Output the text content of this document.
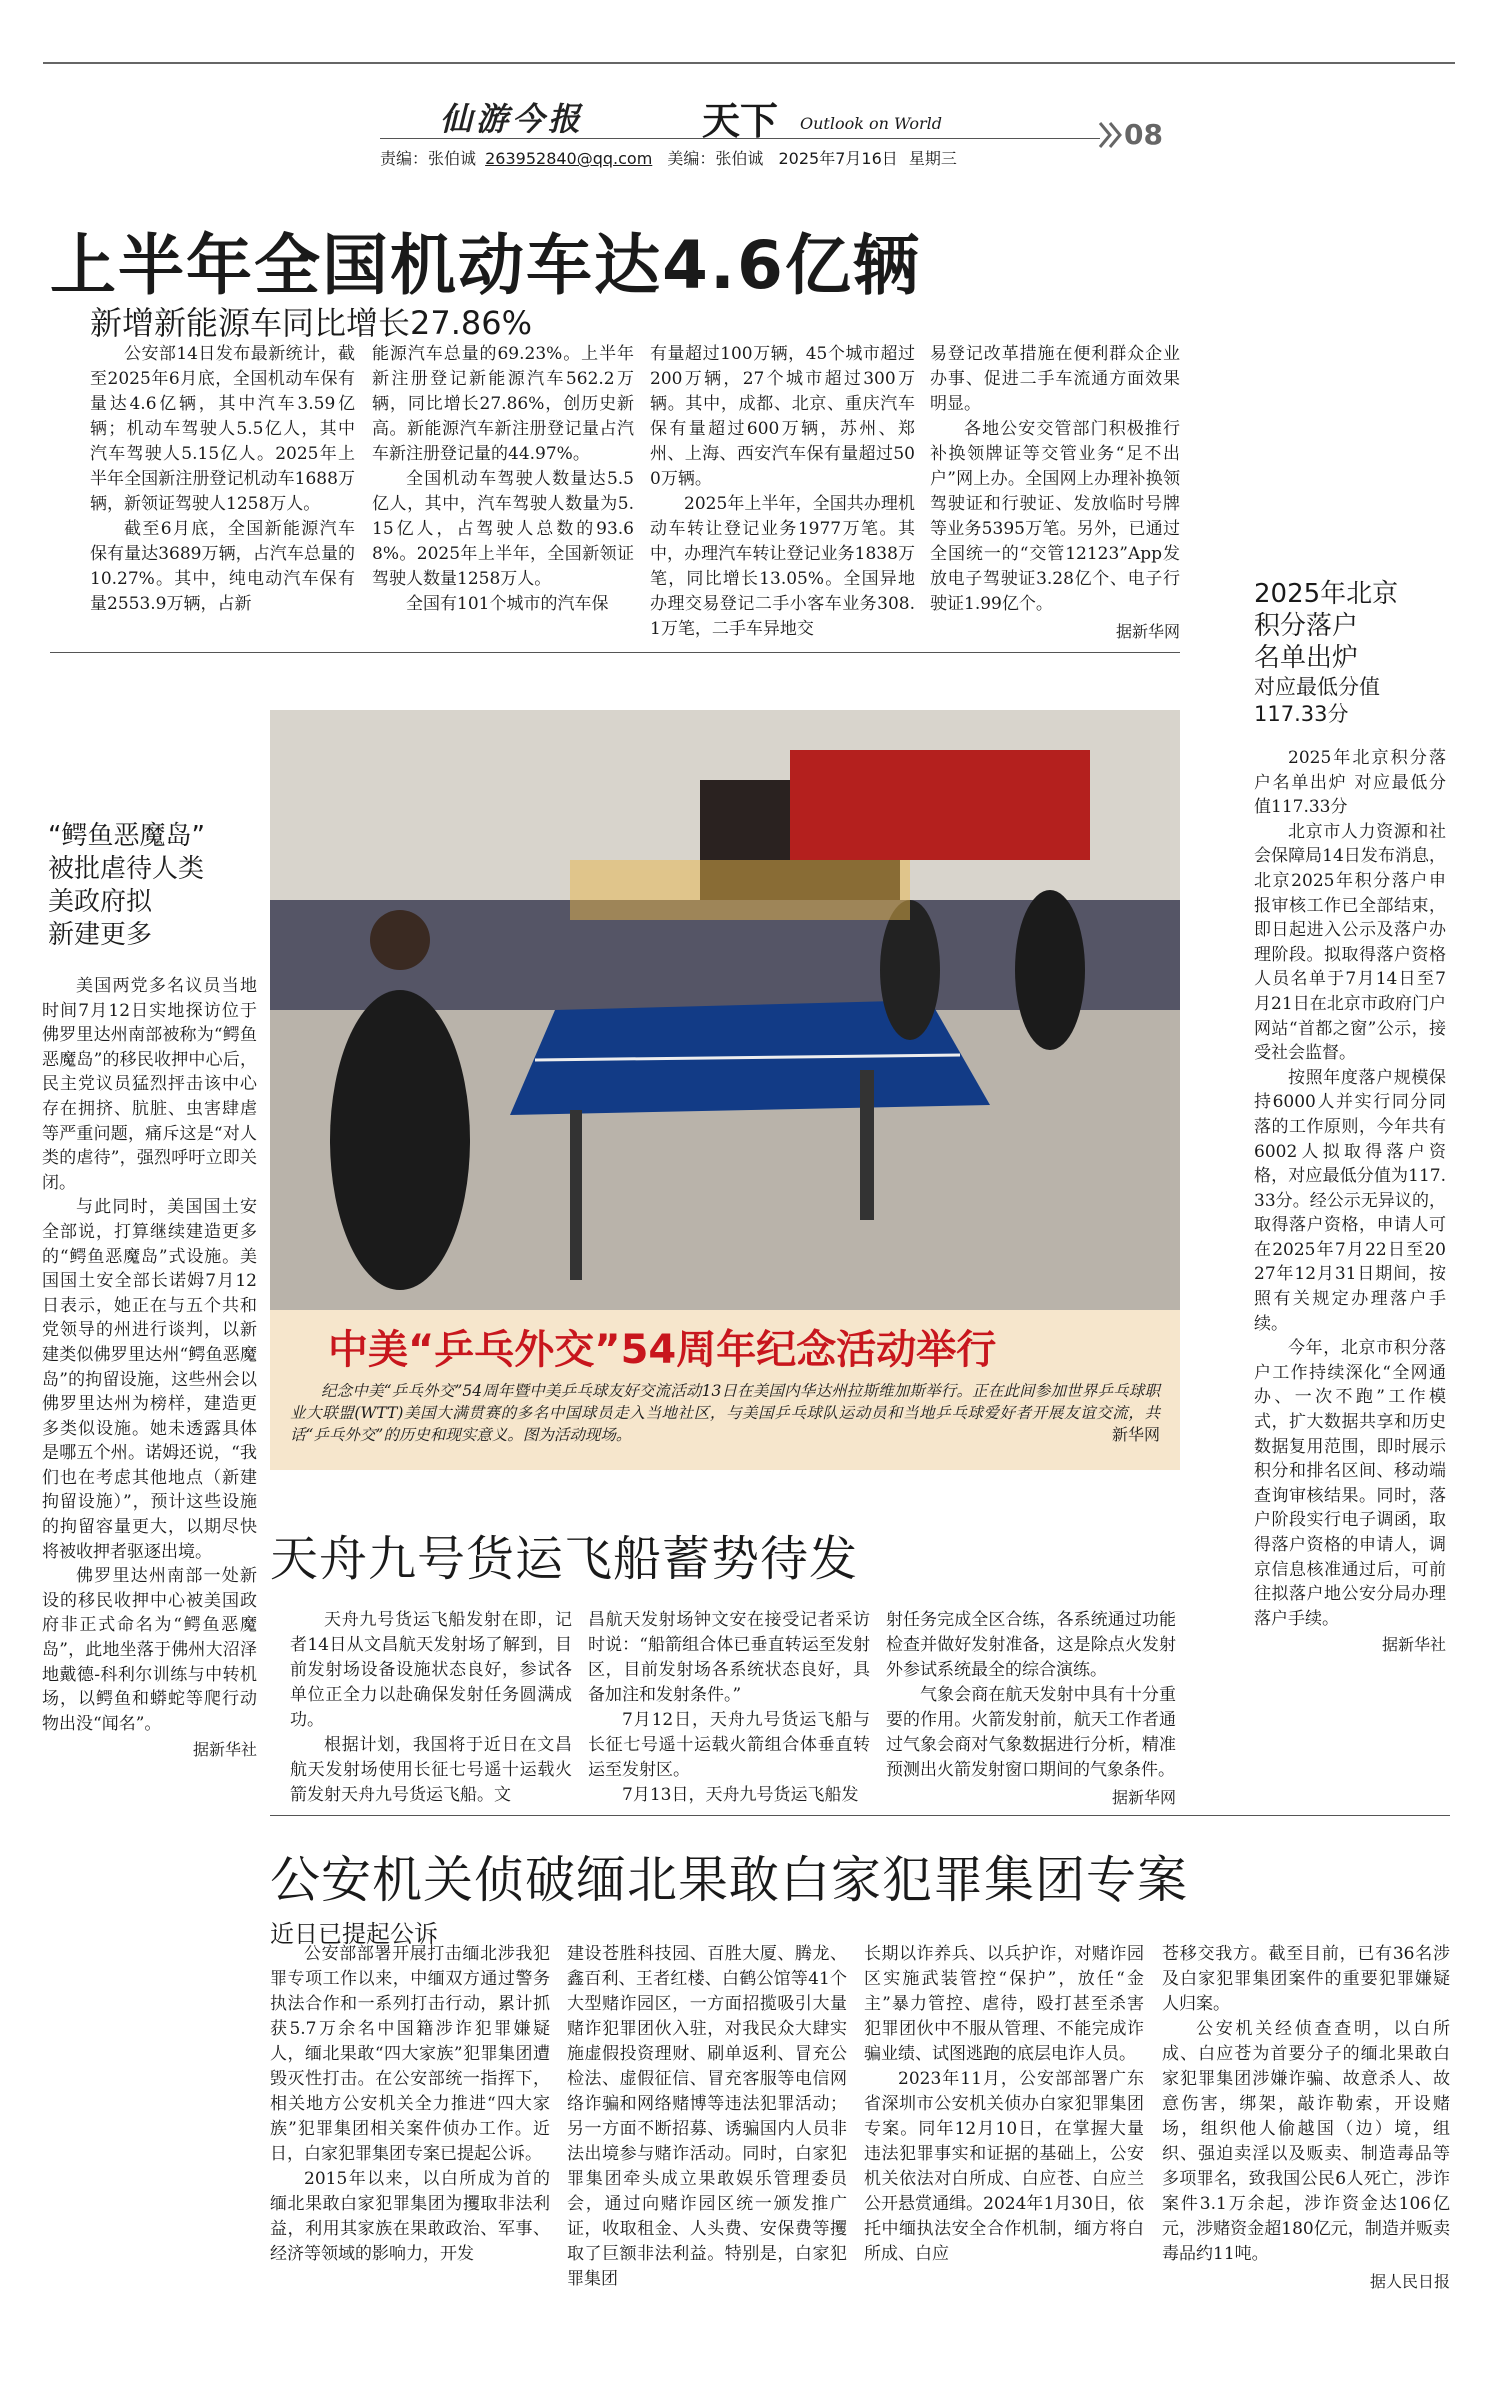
仙游今报	天下 Outlook on World	08
责编：张伯诚 263952840@qq.com 美编：张伯诚 2025年7月16日 星期三
上半年全国机动车达4.6亿辆
新增新能源车同比增长27.86%

公安部14日发布最新统计，截至2025年6月底，全国机动车保有量达4.6亿辆，其中汽车3.59亿辆；机动车驾驶人5.5亿人，其中汽车驾驶人5.15亿人。2025年上半年全国新注册登记机动车1688万辆，新领证驾驶人1258万人。

截至6月底，全国新能源汽车保有量达3689万辆，占汽车总量的10.27%。其中，纯电动汽车保有量2553.9万辆，占新

能源汽车总量的69.23%。上半年新注册登记新能源汽车562.2万辆，同比增长27.86%，创历史新高。新能源汽车新注册登记量占汽车新注册登记量的44.97%。

全国机动车驾驶人数量达5.5亿人，其中，汽车驾驶人数量为5.15亿人，占驾驶人总数的93.68%。2025年上半年，全国新领证驾驶人数量1258万人。

全国有101个城市的汽车保

有量超过100万辆，45个城市超过200万辆，27个城市超过300万辆。其中，成都、北京、重庆汽车保有量超过600万辆，苏州、郑州、上海、西安汽车保有量超过500万辆。

2025年上半年，全国共办理机动车转让登记业务1977万笔。其中，办理汽车转让登记业务1838万笔，同比增长13.05%。全国异地办理交易登记二手小客车业务308.1万笔，二手车异地交

易登记改革措施在便利群众企业办事、促进二手车流通方面效果明显。

各地公安交管部门积极推行补换领牌证等交管业务“足不出户”网上办。全国网上办理补换领驾驶证和行驶证、发放临时号牌等业务5395万笔。另外，已通过全国统一的“交管12123”App发放电子驾驶证3.28亿个、电子行驶证1.99亿个。

据新华网
“鳄鱼恶魔岛”
被批虐待人类
美政府拟
新建更多

美国两党多名议员当地时间7月12日实地探访位于佛罗里达州南部被称为“鳄鱼恶魔岛”的移民收押中心后，民主党议员猛烈抨击该中心存在拥挤、肮脏、虫害肆虐等严重问题，痛斥这是“对人类的虐待”，强烈呼吁立即关闭。

与此同时，美国国土安全部说，打算继续建造更多的“鳄鱼恶魔岛”式设施。美国国土安全部长诺姆7月12日表示，她正在与五个共和党领导的州进行谈判，以新建类似佛罗里达州“鳄鱼恶魔岛”的拘留设施，这些州会以佛罗里达州为榜样，建造更多类似设施。她未透露具体是哪五个州。诺姆还说，“我们也在考虑其他地点（新建拘留设施）”，预计这些设施的拘留容量更大，以期尽快将被收押者驱逐出境。

佛罗里达州南部一处新设的移民收押中心被美国政府非正式命名为“鳄鱼恶魔岛”，此地坐落于佛州大沼泽地戴德-科利尔训练与中转机场，以鳄鱼和蟒蛇等爬行动物出没“闻名”。

据新华社
中美“乒乓外交”54周年纪念活动举行
纪念中美“乒乓外交”54周年暨中美乒乓球友好交流活动13日在美国内华达州拉斯维加斯举行。正在此间参加世界乒乓球职业大联盟(WTT)美国大满贯赛的多名中国球员走入当地社区，与美国乒乓球队运动员和当地乒乓球爱好者开展友谊交流，共话“乒乓外交”的历史和现实意义。图为活动现场。	新华网
2025年北京
积分落户
名单出炉
对应最低分值
117.33分

2025年北京积分落户名单出炉 对应最低分值117.33分

北京市人力资源和社会保障局14日发布消息，北京2025年积分落户申报审核工作已全部结束，即日起进入公示及落户办理阶段。拟取得落户资格人员名单于7月14日至7月21日在北京市政府门户网站“首都之窗”公示，接受社会监督。

按照年度落户规模保持6000人并实行同分同落的工作原则，今年共有6002人拟取得落户资格，对应最低分值为117.33分。经公示无异议的，取得落户资格，申请人可在2025年7月22日至2027年12月31日期间，按照有关规定办理落户手续。

今年，北京市积分落户工作持续深化“全网通办、一次不跑”工作模式，扩大数据共享和历史数据复用范围，即时展示积分和排名区间、移动端查询审核结果。同时，落户阶段实行电子调函，取得落户资格的申请人，调京信息核准通过后，可前往拟落户地公安分局办理落户手续。

据新华社
天舟九号货运飞船蓄势待发

天舟九号货运飞船发射在即，记者14日从文昌航天发射场了解到，目前发射场设备设施状态良好，参试各单位正全力以赴确保发射任务圆满成功。

根据计划，我国将于近日在文昌航天发射场使用长征七号遥十运载火箭发射天舟九号货运飞船。文

昌航天发射场钟文安在接受记者采访时说：“船箭组合体已垂直转运至发射区，目前发射场各系统状态良好，具备加注和发射条件。”

7月12日，天舟九号货运飞船与长征七号遥十运载火箭组合体垂直转运至发射区。

7月13日，天舟九号货运飞船发

射任务完成全区合练，各系统通过功能检查并做好发射准备，这是除点火发射外参试系统最全的综合演练。

气象会商在航天发射中具有十分重要的作用。火箭发射前，航天工作者通过气象会商对气象数据进行分析，精准预测出火箭发射窗口期间的气象条件。

据新华网
公安机关侦破缅北果敢白家犯罪集团专案
近日已提起公诉

公安部部署开展打击缅北涉我犯罪专项工作以来，中缅双方通过警务执法合作和一系列打击行动，累计抓获5.7万余名中国籍涉诈犯罪嫌疑人，缅北果敢“四大家族”犯罪集团遭毁灭性打击。在公安部统一指挥下，相关地方公安机关全力推进“四大家族”犯罪集团相关案件侦办工作。近日，白家犯罪集团专案已提起公诉。

2015年以来，以白所成为首的缅北果敢白家犯罪集团为攫取非法利益，利用其家族在果敢政治、军事、经济等领域的影响力，开发

建设苍胜科技园、百胜大厦、腾龙、鑫百利、王者红楼、白鹤公馆等41个大型赌诈园区，一方面招揽吸引大量赌诈犯罪团伙入驻，对我民众大肆实施虚假投资理财、刷单返利、冒充公检法、虚假征信、冒充客服等电信网络诈骗和网络赌博等违法犯罪活动；另一方面不断招募、诱骗国内人员非法出境参与赌诈活动。同时，白家犯罪集团牵头成立果敢娱乐管理委员会，通过向赌诈园区统一颁发推广证，收取租金、人头费、安保费等攫取了巨额非法利益。特别是，白家犯罪集团

长期以诈养兵、以兵护诈，对赌诈园区实施武装管控“保护”，放任“金主”暴力管控、虐待，殴打甚至杀害犯罪团伙中不服从管理、不能完成诈骗业绩、试图逃跑的底层电诈人员。

2023年11月，公安部部署广东省深圳市公安机关侦办白家犯罪集团专案。同年12月10日，在掌握大量违法犯罪事实和证据的基础上，公安机关依法对白所成、白应苍、白应兰公开悬赏通缉。2024年1月30日，依托中缅执法安全合作机制，缅方将白所成、白应

苍移交我方。截至目前，已有36名涉及白家犯罪集团案件的重要犯罪嫌疑人归案。

公安机关经侦查查明，以白所成、白应苍为首要分子的缅北果敢白家犯罪集团涉嫌诈骗、故意杀人、故意伤害，绑架，敲诈勒索，开设赌场，组织他人偷越国（边）境，组织、强迫卖淫以及贩卖、制造毒品等多项罪名，致我国公民6人死亡，涉诈案件3.1万余起，涉诈资金达106亿元，涉赌资金超180亿元，制造并贩卖毒品约11吨。

据人民日报
